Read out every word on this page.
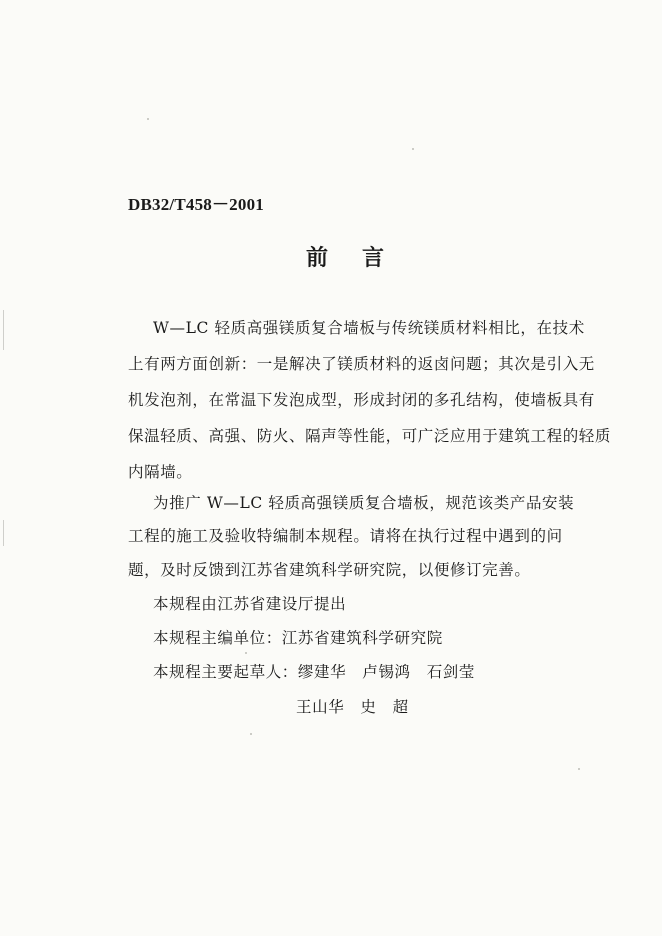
DB32/T458－2001
前 言
W—LC 轻质高强镁质复合墙板与传统镁质材料相比，在技术
上有两方面创新：一是解决了镁质材料的返卤问题；其次是引入无
机发泡剂，在常温下发泡成型，形成封闭的多孔结构，使墙板具有
保温轻质、高强、防火、隔声等性能，可广泛应用于建筑工程的轻质
内隔墙。
为推广 W—LC 轻质高强镁质复合墙板，规范该类产品安装
工程的施工及验收特编制本规程。请将在执行过程中遇到的问
题，及时反馈到江苏省建筑科学研究院，以便修订完善。
本规程由江苏省建设厅提出
本规程主编单位：江苏省建筑科学研究院
本规程主要起草人：缪建华　卢锡鸿　石剑莹
王山华　史　超
